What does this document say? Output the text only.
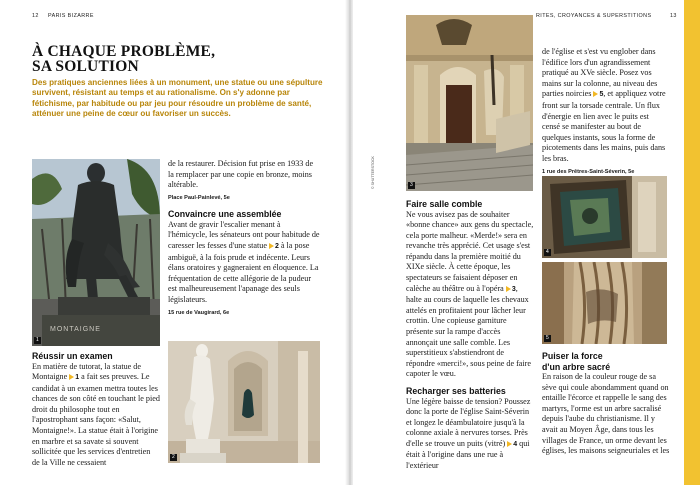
12 PARIS BIZARRE
À CHAQUE PROBLÈME,
SA SOLUTION
Des pratiques anciennes liées à un monument, une statue ou une sépulture survivent, résistant au temps et au rationalisme. On s'y adonne par fétichisme, par habitude ou par jeu pour résoudre un problème de santé, atténuer une peine de cœur ou favoriser un succès.
MONTAIGNE
1
2

de la restaurer. Décision fut prise en 1933 de la remplacer par une copie en bronze, moins altérable.

Place Paul-Painlevé, 5e
Convaincre une assemblée

Avant de gravir l'escalier menant à l'hémicycle, les sénateurs ont pour habitude de caresser les fesses d'une statue 2 à la pose ambiguë, à la fois prude et indécente. Leurs élans oratoires y gagneraient en éloquence. La fréquentation de cette allégorie de la pudeur est malheureusement l'apanage des seuls législateurs.

15 rue de Vaugirard, 6e
Réussir un examen

En matière de tutorat, la statue de Montaigne 1 a fait ses preuves. Le candidat à un examen mettra toutes les chances de son côté en touchant le pied droit du philosophe tout en l'apostrophant sans façon: «Salut, Montaigne!». La statue était à l'origine en marbre et sa savate si souvent sollicitée que les services d'entretien de la Ville ne cessaient

RITES, CROYANCES & SUPERSTITIONS	13
3
© SHUTTERSTOCK
Faire salle comble

Ne vous avisez pas de souhaiter «bonne chance» aux gens du spectacle, cela porte malheur. «Merde!» sera en revanche très apprécié. Cet usage s'est répandu dans la première moitié du XIXe siècle. À cette époque, les spectateurs se faisaient déposer en calèche au théâtre ou à l'opéra 3, halte au cours de laquelle les chevaux attelés en profitaient pour lâcher leur crottin. Une copieuse garniture présente sur la rampe d'accès annonçait une salle comble. Les superstitieux s'abstiendront de répondre «merci!», sous peine de faire capoter le vœu.

Recharger ses batteries

Une légère baisse de tension? Poussez donc la porte de l'église Saint-Séverin et longez le déambulatoire jusqu'à la colonne axiale à nervures torses. Près d'elle se trouve un puits (vitré) 4 qui était à l'origine dans une rue à l'extérieur

de l'église et s'est vu englober dans l'édifice lors d'un agrandissement pratiqué au XVe siècle. Posez vos mains sur la colonne, au niveau des parties noircies 5, et appliquez votre front sur la torsade centrale. Un flux d'énergie en lien avec le puits est censé se manifester au bout de quelques instants, sous la forme de picotements dans les mains, puis dans les bras.

1 rue des Prêtres-Saint-Séverin, 5e
4
5
Puiser la force
d'un arbre sacré

En raison de la couleur rouge de sa sève qui coule abondamment quand on entaille l'écorce et rappelle le sang des martyrs, l'orme est un arbre sacralisé depuis l'aube du christianisme. Il y avait au Moyen Âge, dans tous les villages de France, un orme devant les églises, les maisons seigneuriales et les
